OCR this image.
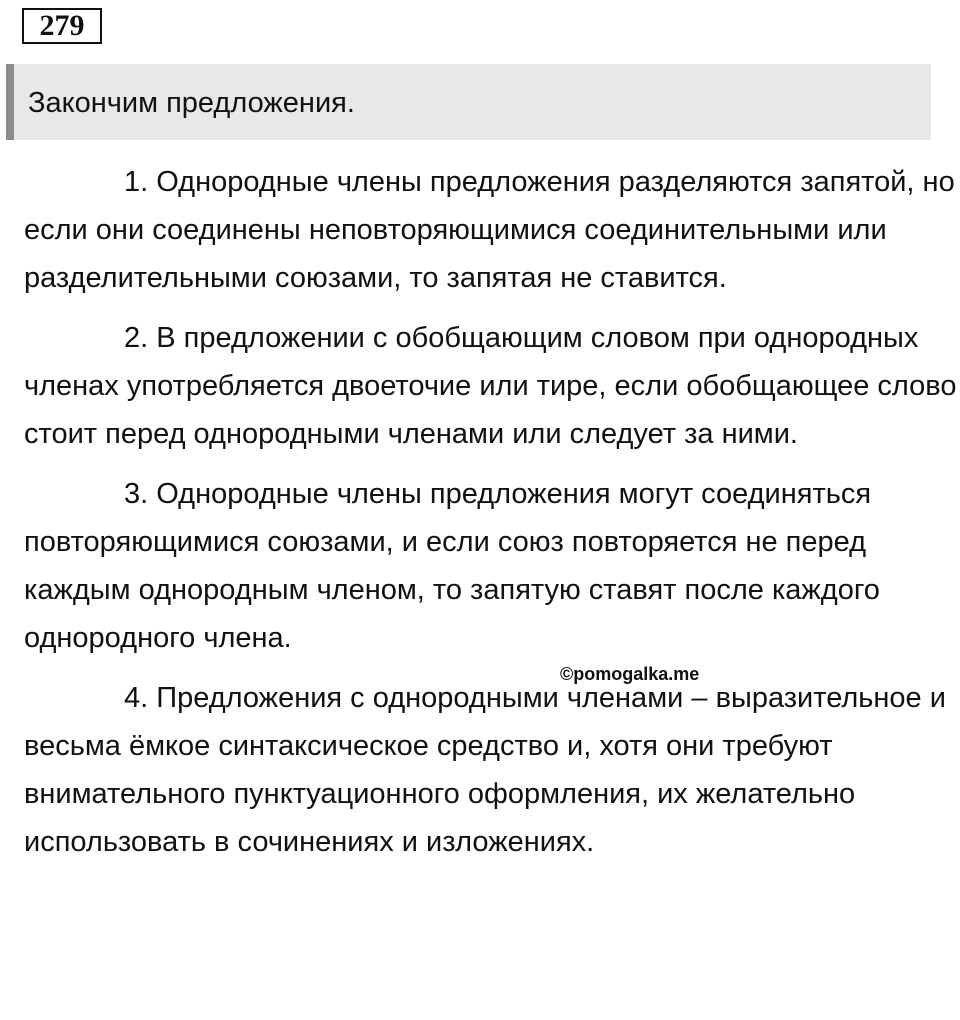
279
Закончим предложения.

1. Однородные члены предложения разделяются запятой, но если они соединены неповторяющимися соединительными или разделительными союзами, то запятая не ставится.

2. В предложении с обобщающим словом при однородных членах употребляется двоеточие или тире, если обобщающее слово стоит перед однородными членами или следует за ними.

3. Однородные члены предложения могут соединяться повторяющимися союзами, и если союз повторяется не перед каждым однородным членом, то запятую ставят после каждого однородного члена.

4. Предложения с однородными членами – выразительное и весьма ёмкое синтаксическое средство и, хотя они требуют внимательного пунктуационного оформления, их желательно использовать в сочинениях и изложениях.

©pomogalka.me
